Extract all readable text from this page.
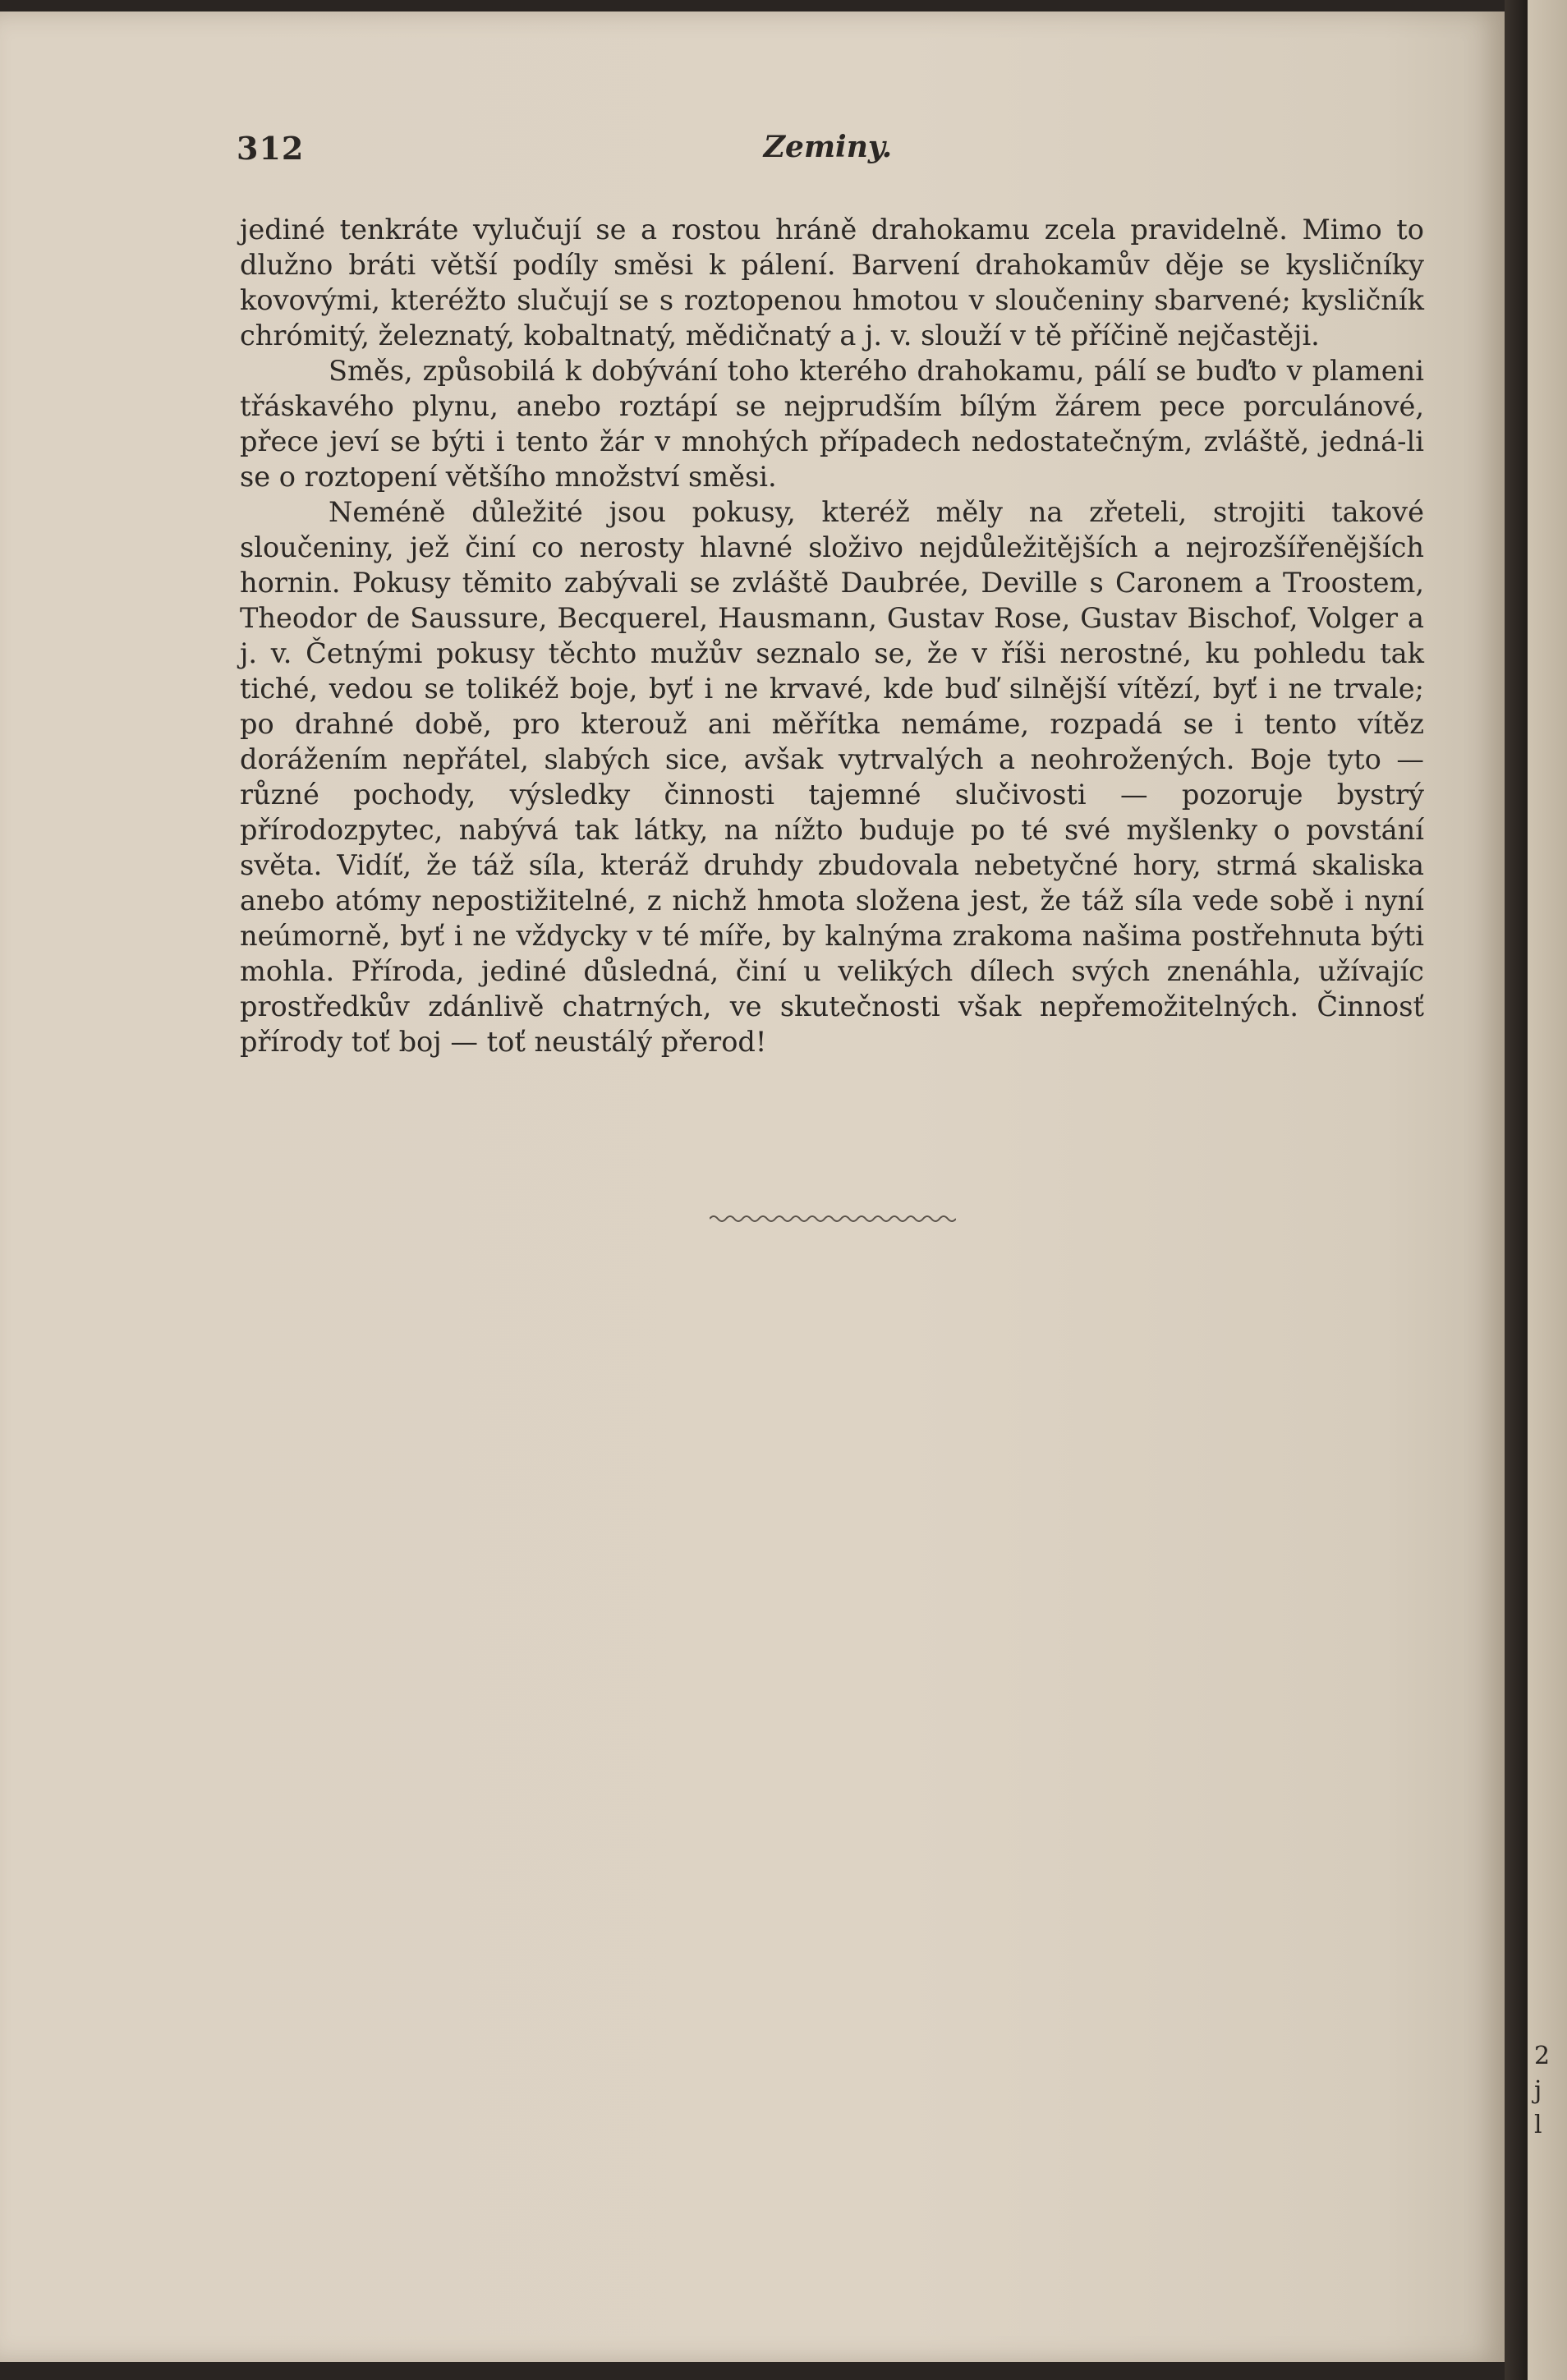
2
j
l
312	Zeminy.

jediné tenkráte vylučují se a rostou hráně drahokamu zcela pravidelně. Mimo to dlužno bráti větší podíly směsi k pálení. Barvení drahokamův děje se kysličníky kovovými, kteréžto slučují se s roztopenou hmotou v sloučeniny sbarvené; kysličník chrómitý, železnatý, kobaltnatý, mědičnatý a j. v. slouží v tě příčině nejčastěji.

Směs, způsobilá k dobývání toho kterého drahokamu, pálí se buďto v plameni třáskavého plynu, anebo roztápí se nejprudším bílým žárem pece porculánové, přece jeví se býti i tento žár v mnohých případech nedostatečným, zvláště, jedná-li se o roztopení většího množství směsi.

Neméně důležité jsou pokusy, kteréž měly na zřeteli, strojiti takové sloučeniny, jež činí co nerosty hlavné složivo nejdůležitějších a nejrozšířenějších hornin. Pokusy těmito zabývali se zvláště Daubrée, Deville s Caronem a Troostem, Theodor de Saussure, Becquerel, Hausmann, Gustav Rose, Gustav Bischof, Volger a j. v. Četnými pokusy těchto mužův seznalo se, že v říši nerostné, ku pohledu tak tiché, vedou se tolikéž boje, byť i ne krvavé, kde buď silnější vítězí, byť i ne trvale; po drahné době, pro kterouž ani měřítka nemáme, rozpadá se i tento vítěz dorážením nepřátel, slabých sice, avšak vytrvalých a neohrožených. Boje tyto — různé pochody, výsledky činnosti tajemné slučivosti — pozoruje bystrý přírodozpytec, nabývá tak látky, na nížto buduje po té své myšlenky o povstání světa. Vidíť, že táž síla, kteráž druhdy zbudovala nebetyčné hory, strmá skaliska anebo atómy nepostižitelné, z nichž hmota složena jest, že táž síla vede sobě i nyní neúmorně, byť i ne vždycky v té míře, by kalnýma zrakoma našima postřehnuta býti mohla. Příroda, jediné důsledná, činí u velikých dílech svých znenáhla, užívajíc prostředkův zdánlivě chatrných, ve skutečnosti však nepřemožitelných. Činnosť přírody toť boj — toť neustálý přerod!
